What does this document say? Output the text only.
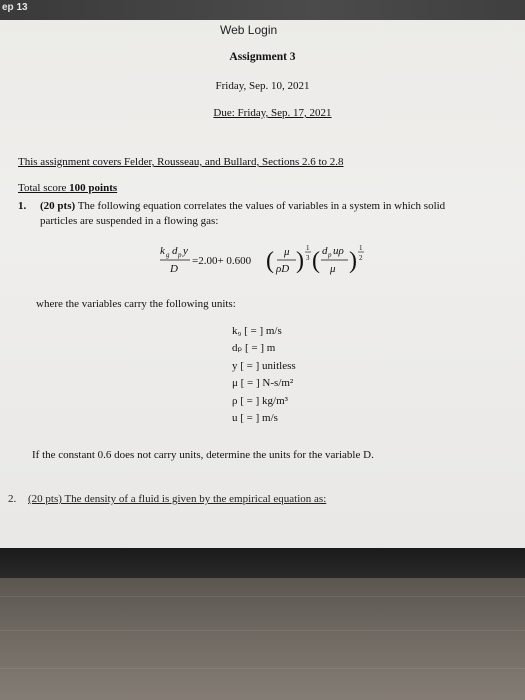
ep 13
Web Login
Assignment 3
Friday, Sep. 10, 2021
Due: Friday, Sep. 17, 2021
This assignment covers Felder, Rousseau, and Bullard, Sections 2.6 to 2.8
Total score 100 points
1. (20 pts) The following equation correlates the values of variables in a system in which solid
particles are suspended in a flowing gas:
k g d p y
D
=2.00+ 0.600 ( μ
ρD ) 1
3 ( d p uρ
μ ) 1
2
where the variables carry the following units:
k₉ [ = ] m/s
dₚ [ = ] m
y [ = ] unitless
μ [ = ] N-s/m²
ρ [ = ] kg/m³
u [ = ] m/s
If the constant 0.6 does not carry units, determine the units for the variable D.
2. (20 pts) The density of a fluid is given by the empirical equation as:
